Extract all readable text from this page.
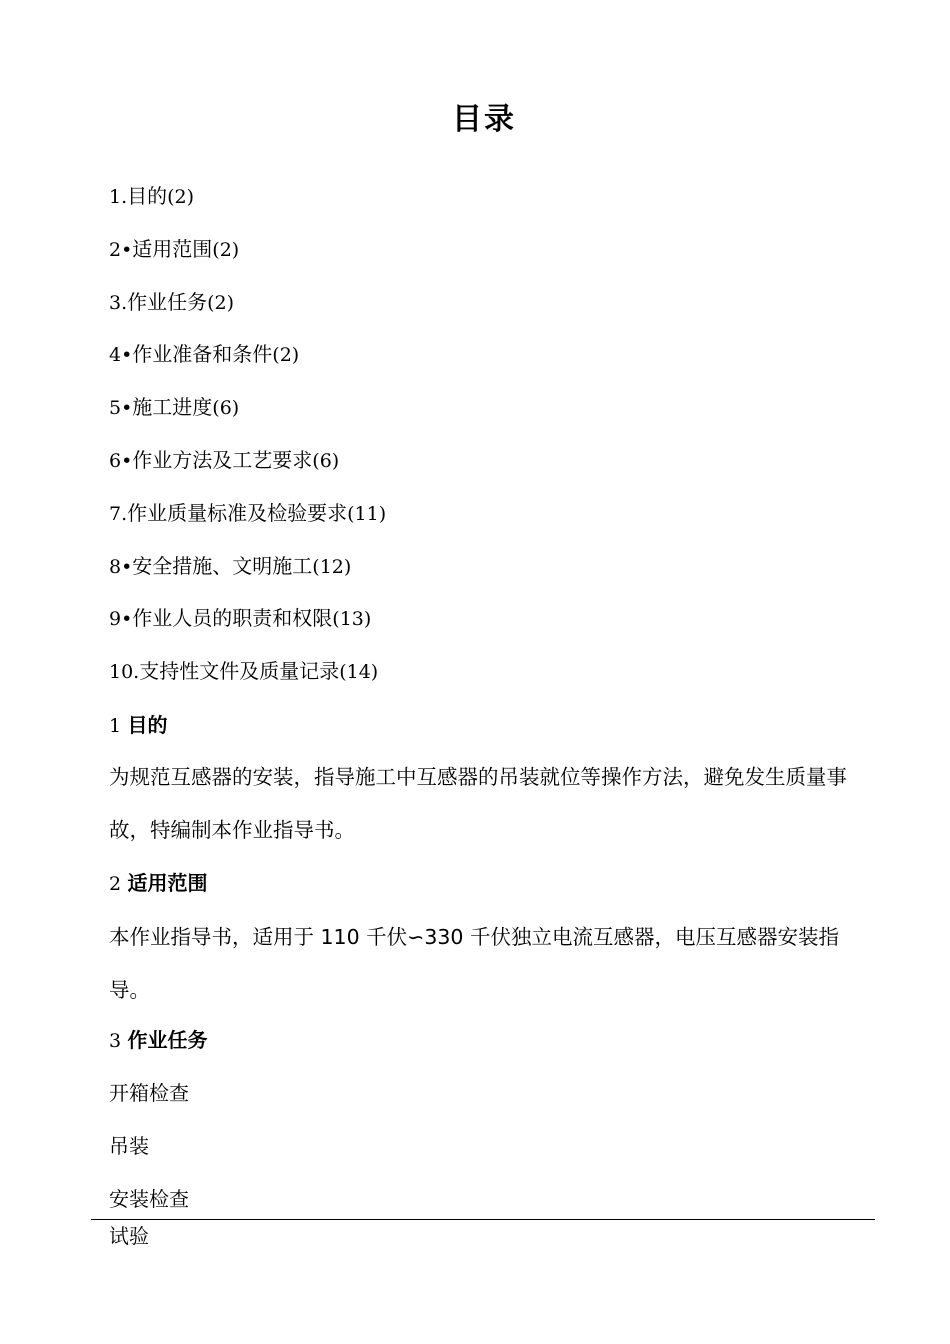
目录
1.目的(2)
2•适用范围(2)
3.作业任务(2)
4•作业准备和条件(2)
5•施工进度(6)
6•作业方法及工艺要求(6)
7.作业质量标准及检验要求(11)
8•安全措施、文明施工(12)
9•作业人员的职责和权限(13)
10.支持性文件及质量记录(14)
1 目的
为规范互感器的安装，指导施工中互感器的吊装就位等操作方法，避免发生质量事故，特编制本作业指导书。
2 适用范围
本作业指导书，适用于 110 千伏∽330 千伏独立电流互感器，电压互感器安装指导。
3 作业任务
开箱检查
吊装
安装检查
试验
